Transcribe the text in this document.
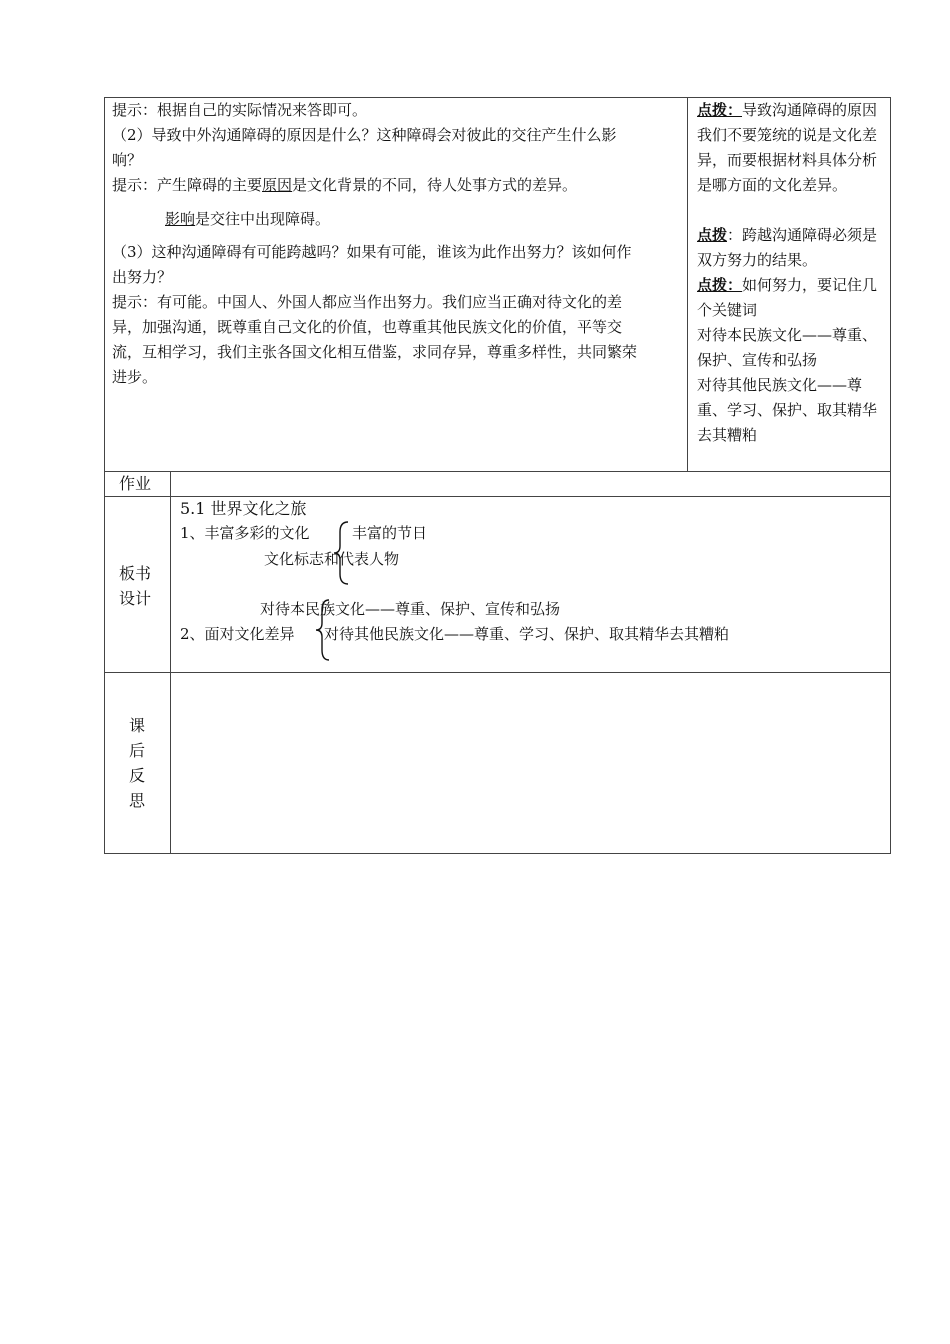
提示：根据自己的实际情况来答即可。
（2）导致中外沟通障碍的原因是什么？这种障碍会对彼此的交往产生什么影
响？
提示：产生障碍的主要原因是文化背景的不同，待人处事方式的差异。
影响是交往中出现障碍。
（3）这种沟通障碍有可能跨越吗？如果有可能，谁该为此作出努力？该如何作
出努力？
提示：有可能。中国人、外国人都应当作出努力。我们应当正确对待文化的差
异，加强沟通，既尊重自己文化的价值，也尊重其他民族文化的价值，平等交
流，互相学习，我们主张各国文化相互借鉴，求同存异，尊重多样性，共同繁荣
进步。
点拨：导致沟通障碍的原因我们不要笼统的说是文化差异，而要根据材料具体分析是哪方面的文化差异。
点拨：跨越沟通障碍必须是双方努力的结果。
点拨：如何努力，要记住几个关键词
对待本民族文化——尊重、保护、宣传和弘扬
对待其他民族文化——尊重、学习、保护、取其精华去其糟粕
作业
板书
设计
5.1 世界文化之旅
1、丰富多彩的文化	丰富的节日
文化标志和代表人物
对待本民族文化——尊重、保护、宣传和弘扬
2、面对文化差异 对待其他民族文化——尊重、学习、保护、取其精华去其糟粕
课
后
反
思
